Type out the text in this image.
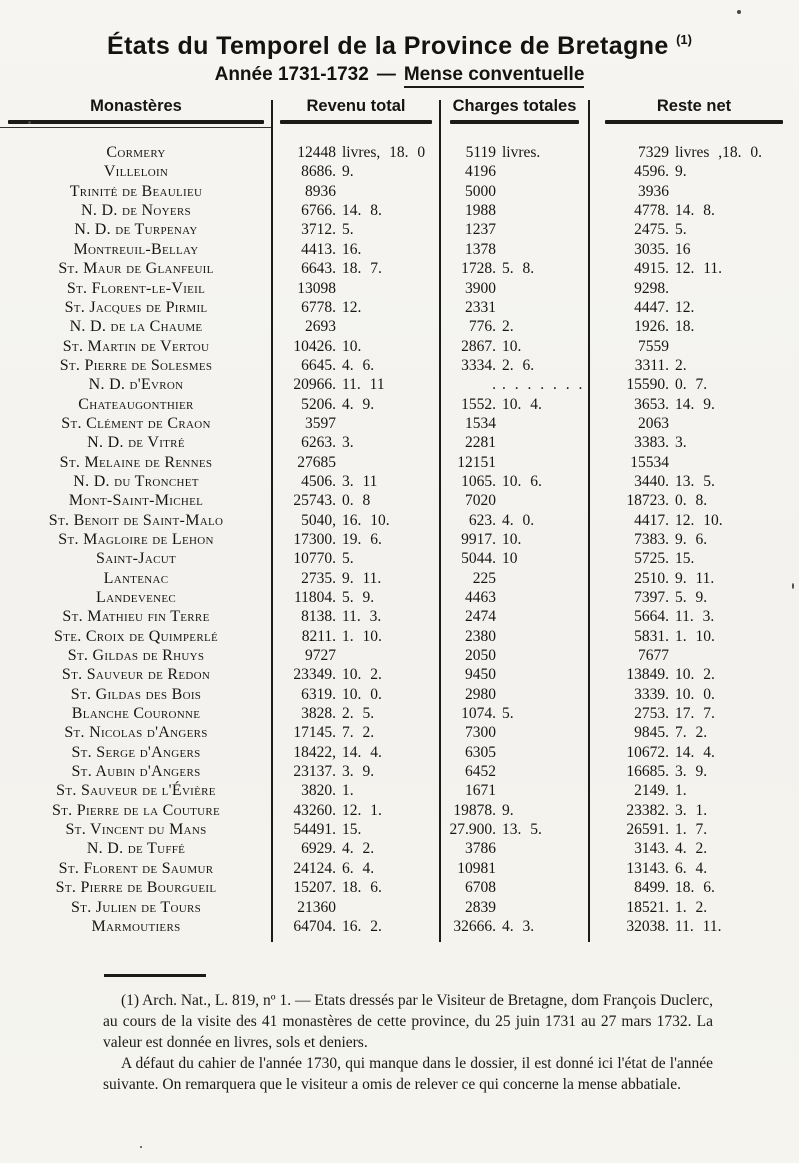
États du Temporel de la Province de Bretagne $^{(1)}$
Année 1731-1732 — Mense conventuelle
Monastères	Revenu total	Charges totales	Reste net
Cormery	12448 livres, 18. 0	5119 livres.	7329 livres ,18. 0.
Villeloin	8686. 9.	4196	4596. 9.
Trinité de Beaulieu	8936	5000	3936
N. D. de Noyers	6766. 14. 8.	1988	4778. 14. 8.
N. D. de Turpenay	3712. 5.	1237	2475. 5.
Montreuil-Bellay	4413. 16.	1378	3035. 16
St. Maur de Glanfeuil	6643. 18. 7.	1728. 5. 8.	4915. 12. 11.
St. Florent-le-Vieil	13098	3900	9298.
St. Jacques de Pirmil	6778. 12.	2331	4447. 12.
N. D. de la Chaume	2693	776. 2.	1926. 18.
St. Martin de Vertou	10426. 10.	2867. 10.	7559
St. Pierre de Solesmes	6645. 4. 6.	3334. 2. 6.	3311. 2.
N. D. d'Evron	20966. 11. 11	. . . . . . . .	15590. 0. 7.
Chateaugonthier	5206. 4. 9.	1552. 10. 4.	3653. 14. 9.
St. Clément de Craon	3597	1534	2063
N. D. de Vitré	6263. 3.	2281	3383. 3.
St. Melaine de Rennes	27685	12151	15534
N. D. du Tronchet	4506. 3. 11	1065. 10. 6.	3440. 13. 5.
Mont-Saint-Michel	25743. 0. 8	7020	18723. 0. 8.
St. Benoit de Saint-Malo	5040, 16. 10.	623. 4. 0.	4417. 12. 10.
St. Magloire de Lehon	17300. 19. 6.	9917. 10.	7383. 9. 6.
Saint-Jacut	10770. 5.	5044. 10	5725. 15.
Lantenac	2735. 9. 11.	225	2510. 9. 11.
Landevenec	11804. 5. 9.	4463	7397. 5. 9.
St. Mathieu fin Terre	8138. 11. 3.	2474	5664. 11. 3.
Ste. Croix de Quimperlé	8211. 1. 10.	2380	5831. 1. 10.
St. Gildas de Rhuys	9727	2050	7677
St. Sauveur de Redon	23349. 10. 2.	9450	13849. 10. 2.
St. Gildas des Bois	6319. 10. 0.	2980	3339. 10. 0.
Blanche Couronne	3828. 2. 5.	1074. 5.	2753. 17. 7.
St. Nicolas d'Angers	17145. 7. 2.	7300	9845. 7. 2.
St. Serge d'Angers	18422, 14. 4.	6305	10672. 14. 4.
St. Aubin d'Angers	23137. 3. 9.	6452	16685. 3. 9.
St. Sauveur de l'Évière	3820. 1.	1671	2149. 1.
St. Pierre de la Couture	43260. 12. 1.	19878. 9.	23382. 3. 1.
St. Vincent du Mans	54491. 15.	27.900. 13. 5.	26591. 1. 7.
N. D. de Tuffé	6929. 4. 2.	3786	3143. 4. 2.
St. Florent de Saumur	24124. 6. 4.	10981	13143. 6. 4.
St. Pierre de Bourgueil	15207. 18. 6.	6708	8499. 18. 6.
St. Julien de Tours	21360	2839	18521. 1. 2.
Marmoutiers	64704. 16. 2.	32666. 4. 3.	32038. 11. 11.

(1) Arch. Nat., L. 819, nº 1. — Etats dressés par le Visiteur de Bretagne, dom François Duclerc, au cours de la visite des 41 monastères de cette province, du 25 juin 1731 au 27 mars 1732. La valeur est donnée en livres, sols et deniers.

A défaut du cahier de l'année 1730, qui manque dans le dossier, il est donné ici l'état de l'année suivante. On remarquera que le visiteur a omis de relever ce qui concerne la mense abbatiale.
